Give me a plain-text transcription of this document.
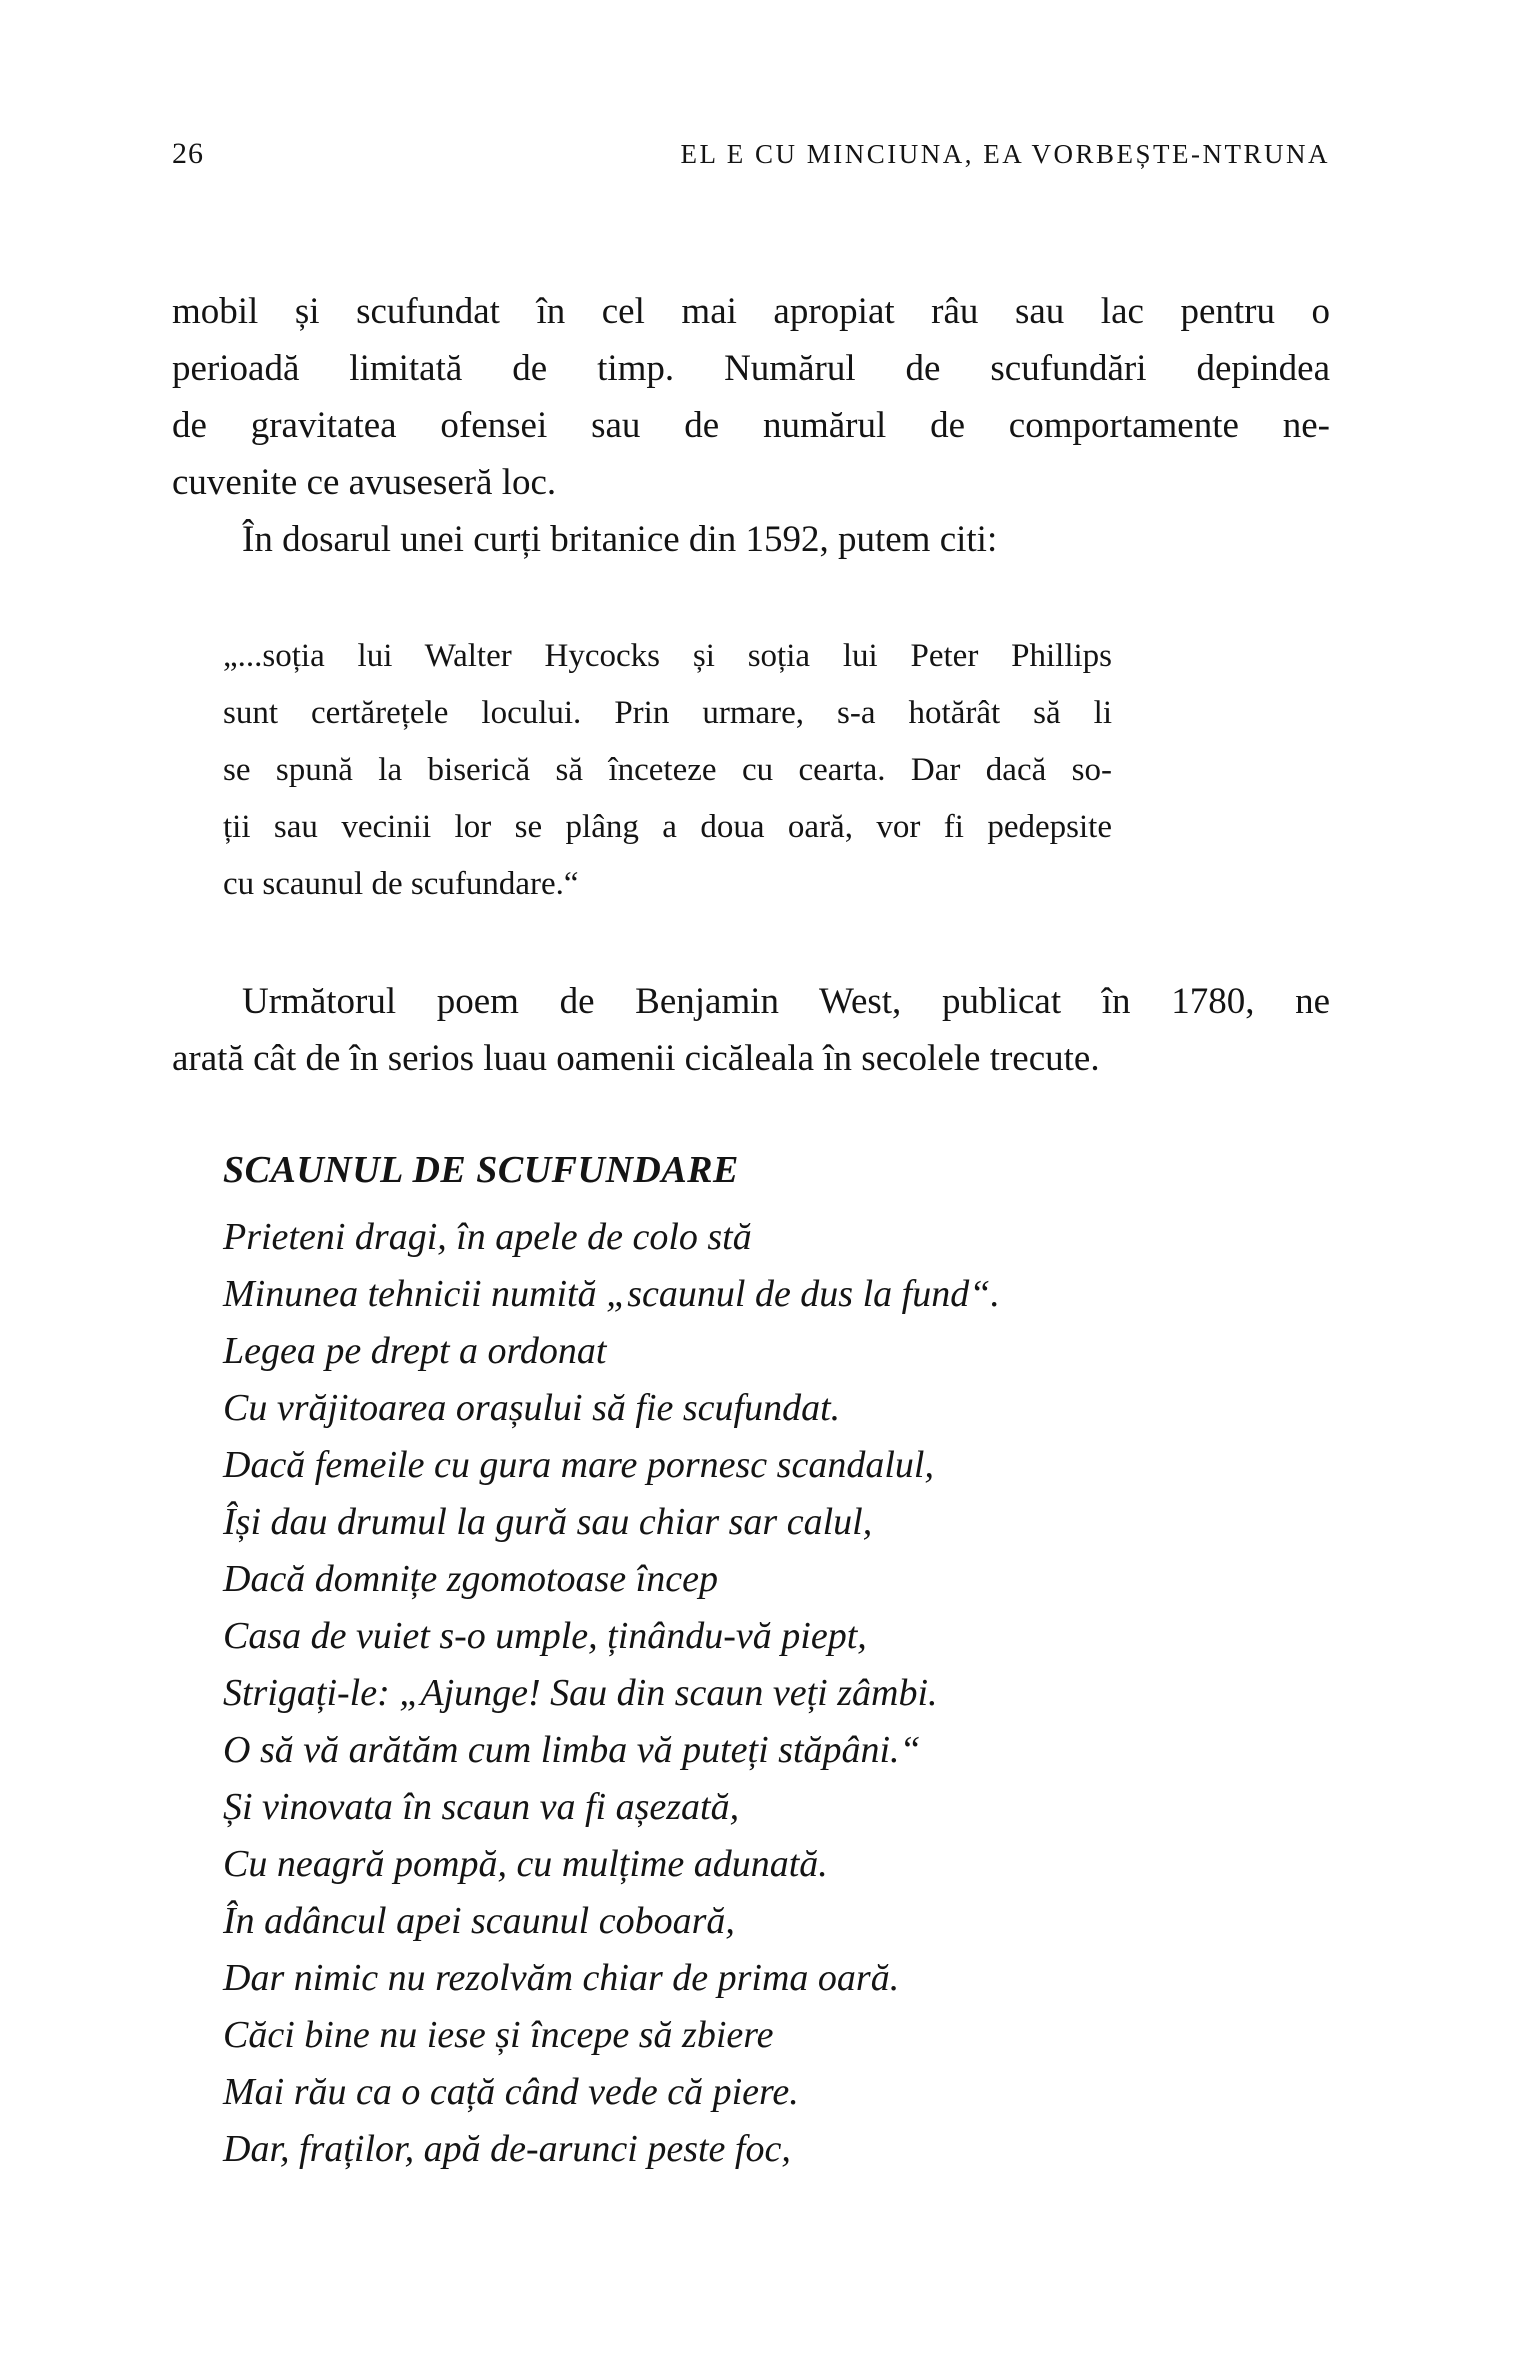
26	EL E CU MINCIUNA, EA VORBEȘTE-NTRUNA
mobil și scufundat în cel mai apropiat râu sau lac pentru o
perioadă limitată de timp. Numărul de scufundări depindea
de gravitatea ofensei sau de numărul de comportamente ne-
cuvenite ce avuseseră loc.
În dosarul unei curți britanice din 1592, putem citi:
„...soția lui Walter Hycocks și soția lui Peter Phillips
sunt certărețele locului. Prin urmare, s-a hotărât să li
se spună la biserică să înceteze cu cearta. Dar dacă so-
ții sau vecinii lor se plâng a doua oară, vor fi pedepsite
cu scaunul de scufundare.“
Următorul poem de Benjamin West, publicat în 1780, ne
arată cât de în serios luau oamenii cicăleala în secolele trecute.
SCAUNUL DE SCUFUNDARE
Prieteni dragi, în apele de colo stă
Minunea tehnicii numită „scaunul de dus la fund“.
Legea pe drept a ordonat
Cu vrăjitoarea orașului să fie scufundat.
Dacă femeile cu gura mare pornesc scandalul,
Își dau drumul la gură sau chiar sar calul,
Dacă domnițe zgomotoase încep
Casa de vuiet s-o umple, ținându-vă piept,
Strigați-le: „Ajunge! Sau din scaun veți zâmbi.
O să vă arătăm cum limba vă puteți stăpâni.“
Și vinovata în scaun va fi așezată,
Cu neagră pompă, cu mulțime adunată.
În adâncul apei scaunul coboară,
Dar nimic nu rezolvăm chiar de prima oară.
Căci bine nu iese și începe să zbiere
Mai rău ca o cață când vede că piere.
Dar, fraților, apă de-arunci peste foc,
